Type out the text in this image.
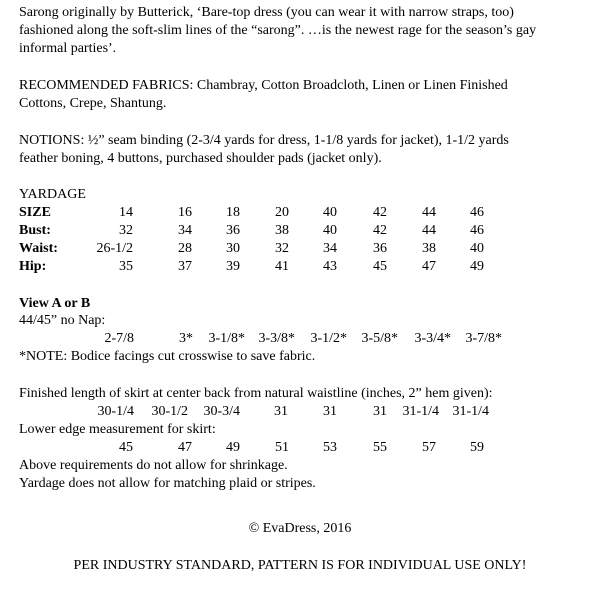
Sarong originally by Butterick, ‘Bare-top dress (you can wear it with narrow straps, too)
fashioned along the soft-slim lines of the “sarong”. …is the newest rage for the season’s gay
informal parties’.
RECOMMENDED FABRICS: Chambray, Cotton Broadcloth, Linen or Linen Finished
Cottons, Crepe, Shantung.
NOTIONS: ½” seam binding (2-3/4 yards for dress, 1-1/8 yards for jacket), 1-1/2 yards
feather boning, 4 buttons, purchased shoulder pads (jacket only).
YARDAGE
SIZE	14	16	18	20	40	42	44	46
Bust:	32	34	36	38	40	42	44	46
Waist:	26-1/2	28	30	32	34	36	38	40
Hip:	35	37	39	41	43	45	47	49
View A or B
44/45” no Nap:
2-7/8	3*	3-1/8* 3-3/8*	3-1/2*	3-5/8*	3-3/4*	3-7/8*
*NOTE: Bodice facings cut crosswise to save fabric.
Finished length of skirt at center back from natural waistline (inches, 2” hem given):
30-1/4	30-1/2	30-3/4	31	31	31	31-1/4 31-1/4
Lower edge measurement for skirt:
45	47	49	51	53	55	57	59
Above requirements do not allow for shrinkage.
Yardage does not allow for matching plaid or stripes.
© EvaDress, 2016
PER INDUSTRY STANDARD, PATTERN IS FOR INDIVIDUAL USE ONLY!
